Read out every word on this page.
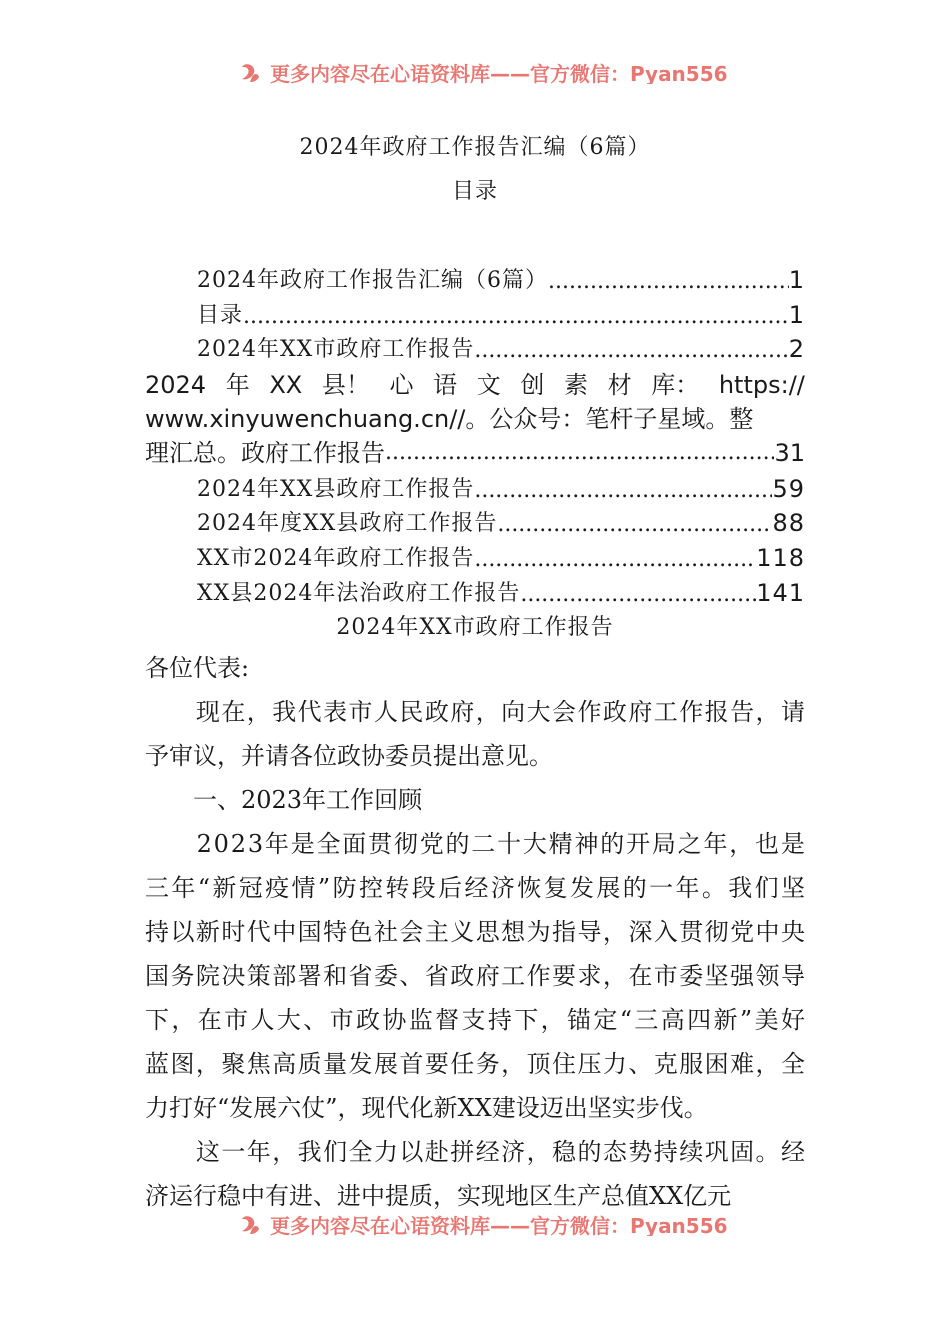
更多内容尽在心语资料库——官方微信：Pyan556
2024年政府工作报告汇编（6篇）
目录
2024年政府工作报告汇编（6篇） .....	1
目录 .....	1
2024年XX市政府工作报告 .....	2
2024 年 XX 县！ 心 语 文 创 素 材 库： https://
www.xinyuwenchuang.cn//。公众号：笔杆子星域。整
理汇总。政府工作报告 .....	31
2024年XX县政府工作报告 .....	59
2024年度XX县政府工作报告 .....	88
XX市2024年政府工作报告 .....	118
XX县2024年法治政府工作报告 .....	141
2024年XX市政府工作报告
各位代表:

现 在 ， 我 代 表 市 人 民 政 府 ， 向 大 会 作 政 府 工 作 报 告 ， 请
予审议，并请各位政协委员提出意见。
　　一、2023年工作回顾

2 0 2 3 年 是 全 面 贯 彻 党 的 二 十 大 精 神 的 开 局 之 年 ， 也 是
三 年 “ 新 冠 疫 情 ” 防 控 转 段 后 经 济 恢 复 发 展 的 一 年 。 我 们 坚
持 以 新 时 代 中 国 特 色 社 会 主 义 思 想 为 指 导 ， 深 入 贯 彻 党 中 央
国 务 院 决 策 部 署 和 省 委 、 省 政 府 工 作 要 求 ， 在 市 委 坚 强 领 导
下 ， 在 市 人 大 、 市 政 协 监 督 支 持 下 ， 锚 定 “ 三 高 四 新 ” 美 好
蓝 图 ， 聚 焦 高 质 量 发 展 首 要 任 务 ， 顶 住 压 力 、 克 服 困 难 ， 全
力打好“发展六仗”，现代化新XX建设迈出坚实步伐。

这 一 年 ， 我 们 全 力 以 赴 拼 经 济 ， 稳 的 态 势 持 续 巩 固 。 经
济运行稳中有进、进中提质，实现地区生产总值XX亿元
更多内容尽在心语资料库——官方微信：Pyan556
